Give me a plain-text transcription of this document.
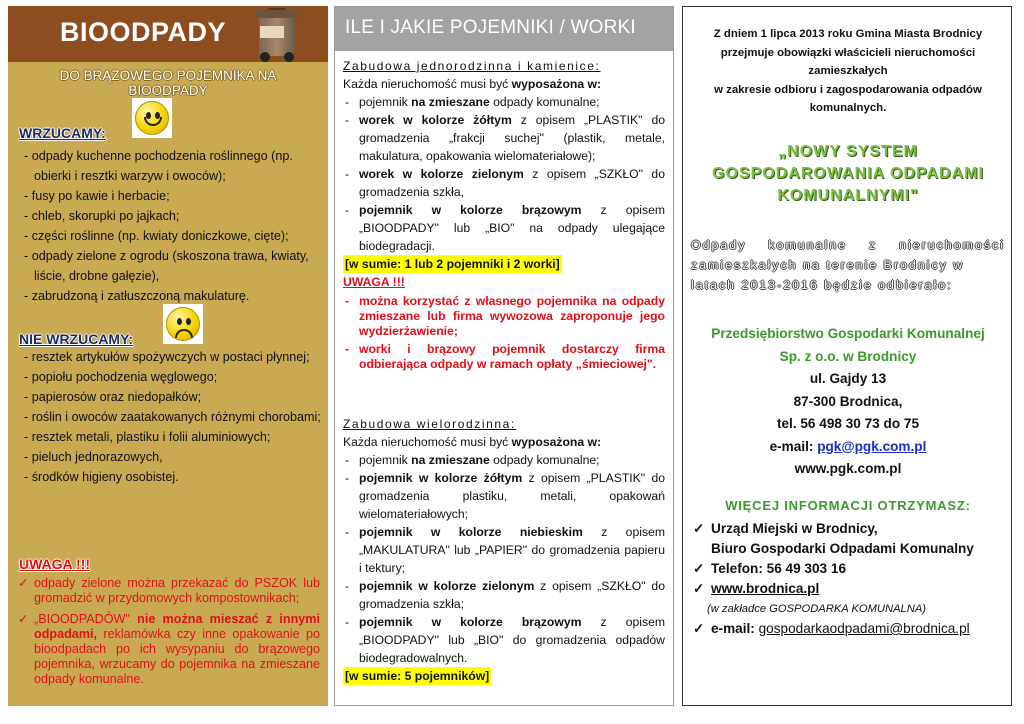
BIOODPADY
DO BRĄZOWEGO POJEMNIKA NA
BIOODPADY
WRZUCAMY:
- odpady kuchenne pochodzenia roślinnego (np. obierki i resztki warzyw i owoców);
- fusy po kawie i herbacie;
- chleb, skorupki po jajkach;
- części roślinne (np. kwiaty doniczkowe, cięte);
- odpady zielone z ogrodu (skoszona trawa, kwiaty, liście, drobne gałęzie),
- zabrudzoną i zatłuszczoną makulaturę.
NIE WRZUCAMY:
- resztek artykułów spożywczych w postaci płynnej;
- popiołu pochodzenia węglowego;
- papierosów oraz niedopałków;
- roślin i owoców zaatakowanych różnymi chorobami;
- resztek metali, plastiku i folii aluminiowych;
- pieluch jednorazowych,
- środków higieny osobistej.
UWAGA !!!
✓ odpady zielone można przekazać do PSZOK lub gromadzić w przydomowych kompostownikach;
✓ „BIOODPADÓW" nie można mieszać z innymi odpadami, reklamówka czy inne opakowanie po bioodpadach po ich wysypaniu do brązowego pojemnika, wrzucamy do pojemnika na zmieszane odpady komunalne.
ILE I JAKIE POJEMNIKI / WORKI
Zabudowa jednorodzinna i kamienice:
Każda nieruchomość musi być wyposażona w:
- pojemnik na zmieszane odpady komunalne;
- worek w kolorze żółtym z opisem „PLASTIK" do gromadzenia „frakcji suchej" (plastik, metale, makulatura, opakowania wielomateriałowe);
- worek w kolorze zielonym z opisem „SZKŁO" do gromadzenia szkła,
- pojemnik w kolorze brązowym z opisem „BIOODPADY" lub „BIO" na odpady ulegające biodegradacji.
[w sumie: 1 lub 2 pojemniki i 2 worki]
UWAGA !!!
- można korzystać z własnego pojemnika na odpady zmieszane lub firma wywozowa zaproponuje jego wydzierżawienie;
- worki i brązowy pojemnik dostarczy firma odbierająca odpady w ramach opłaty „śmieciowej".
Zabudowa wielorodzinna:
Każda nieruchomość musi być wyposażona w:
- pojemnik na zmieszane odpady komunalne;
- pojemnik w kolorze żółtym z opisem „PLASTIK" do gromadzenia plastiku, metali, opakowań wielomateriałowych;
- pojemnik w kolorze niebieskim z opisem „MAKULATURA" lub „PAPIER" do gromadzenia papieru i tektury;
- pojemnik w kolorze zielonym z opisem „SZKŁO" do gromadzenia szkła;
- pojemnik w kolorze brązowym z opisem „BIOODPADY" lub „BIO" do gromadzenia odpadów biodegradowalnych.
[w sumie: 5 pojemników]
Z dniem 1 lipca 2013 roku Gmina Miasta Brodnicy
przejmuje obowiązki właścicieli nieruchomości
zamieszkałych
w zakresie odbioru i zagospodarowania odpadów
komunalnych.
„NOWY SYSTEM
GOSPODAROWANIA ODPADAMI
KOMUNALNYMI"
Odpady komunalne z nieruchomości zamieszkałych na terenie Brodnicy w
latach 2013-2016 będzie odbierało:
Przedsiębiorstwo Gospodarki Komunalnej
Sp. z o.o. w Brodnicy
ul. Gajdy 13
87-300 Brodnica,
tel. 56 498 30 73 do 75
e-mail: pgk@pgk.com.pl
www.pgk.com.pl
WIĘCEJ INFORMACJI OTRZYMASZ:
✓ Urząd Miejski w Brodnicy,
Biuro Gospodarki Odpadami Komunalny
✓ Telefon: 56 49 303 16
✓ www.brodnica.pl
(w zakładce GOSPODARKA KOMUNALNA)
✓ e-mail: gospodarkaodpadami@brodnica.pl
